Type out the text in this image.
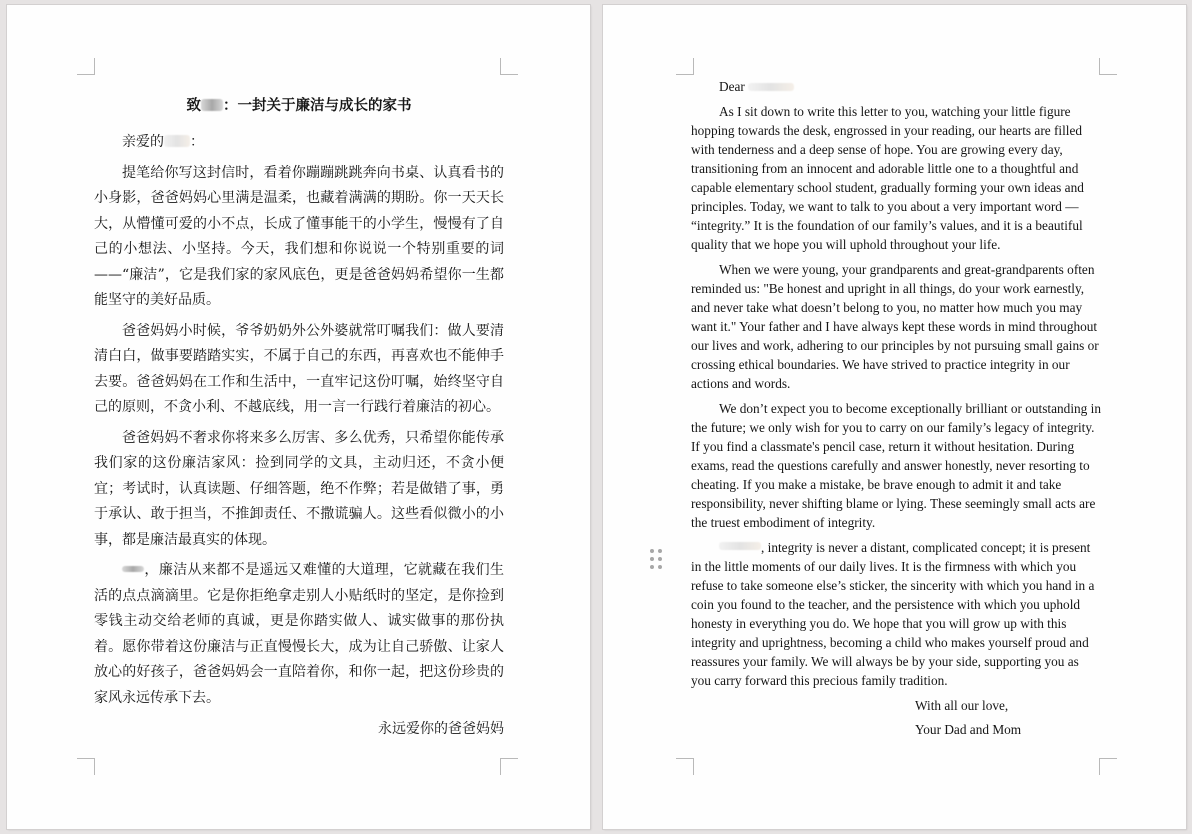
致 ：一封关于廉洁与成长的家书

亲爱的 ：

提笔给你写这封信时，看着你蹦蹦跳跳奔向书桌、认真看书的小身影，爸爸妈妈心里满是温柔，也藏着满满的期盼。你一天天长大，从懵懂可爱的小不点，长成了懂事能干的小学生，慢慢有了自己的小想法、小坚持。今天，我们想和你说说一个特别重要的词——“廉洁”，它是我们家的家风底色，更是爸爸妈妈希望你一生都能坚守的美好品质。

爸爸妈妈小时候，爷爷奶奶外公外婆就常叮嘱我们：做人要清清白白，做事要踏踏实实，不属于自己的东西，再喜欢也不能伸手去要。爸爸妈妈在工作和生活中，一直牢记这份叮嘱，始终坚守自己的原则，不贪小利、不越底线，用一言一行践行着廉洁的初心。

爸爸妈妈不奢求你将来多么厉害、多么优秀，只希望你能传承我们家的这份廉洁家风：捡到同学的文具，主动归还，不贪小便宜；考试时，认真读题、仔细答题，绝不作弊；若是做错了事，勇于承认、敢于担当，不推卸责任、不撒谎骗人。这些看似微小的小事，都是廉洁最真实的体现。

，廉洁从来都不是遥远又难懂的大道理，它就藏在我们生活的点点滴滴里。它是你拒绝拿走别人小贴纸时的坚定，是你捡到零钱主动交给老师的真诚，更是你踏实做人、诚实做事的那份执着。愿你带着这份廉洁与正直慢慢长大，成为让自己骄傲、让家人放心的好孩子，爸爸妈妈会一直陪着你，和你一起，把这份珍贵的家风永远传承下去。

永远爱你的爸爸妈妈

Dear

As I sit down to write this letter to you, watching your little figure hopping towards the desk, engrossed in your reading, our hearts are filled with tenderness and a deep sense of hope. You are growing every day, transitioning from an innocent and adorable little one to a thoughtful and capable elementary school student, gradually forming your own ideas and principles. Today, we want to talk to you about a very important word — “integrity.” It is the foundation of our family’s values, and it is a beautiful quality that we hope you will uphold throughout your life.

When we were young, your grandparents and great-grandparents often reminded us: "Be honest and upright in all things, do your work earnestly, and never take what doesn’t belong to you, no matter how much you may want it." Your father and I have always kept these words in mind throughout our lives and work, adhering to our principles by not pursuing small gains or crossing ethical boundaries. We have strived to practice integrity in our actions and words.

We don’t expect you to become exceptionally brilliant or outstanding in the future; we only wish for you to carry on our family’s legacy of integrity. If you find a classmate's pencil case, return it without hesitation. During exams, read the questions carefully and answer honestly, never resorting to cheating. If you make a mistake, be brave enough to admit it and take responsibility, never shifting blame or lying. These seemingly small acts are the truest embodiment of integrity.

, integrity is never a distant, complicated concept; it is present in the little moments of our daily lives. It is the firmness with which you refuse to take someone else’s sticker, the sincerity with which you hand in a coin you found to the teacher, and the persistence with which you uphold honesty in everything you do. We hope that you will grow up with this integrity and uprightness, becoming a child who makes yourself proud and reassures your family. We will always be by your side, supporting you as you carry forward this precious family tradition.

With all our love,

Your Dad and Mom
